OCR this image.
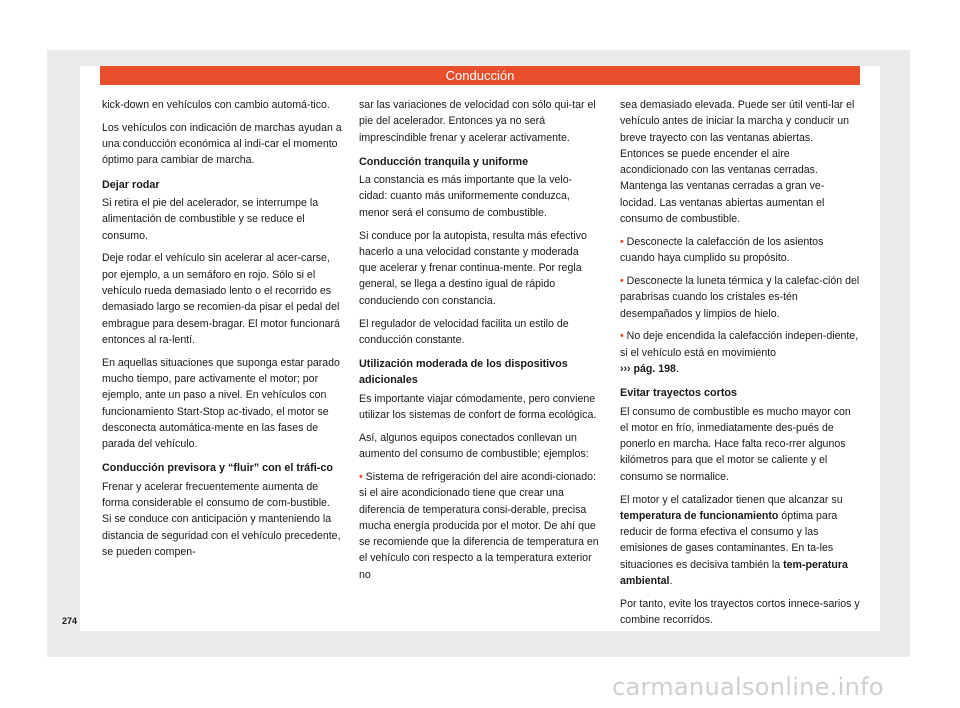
Conducción

kick-down en vehículos con cambio automá-tico.

Los vehículos con indicación de marchas ayudan a una conducción económica al indi-car el momento óptimo para cambiar de marcha.

Dejar rodar

Si retira el pie del acelerador, se interrumpe la alimentación de combustible y se reduce el consumo.

Deje rodar el vehículo sin acelerar al acer-carse, por ejemplo, a un semáforo en rojo. Sólo si el vehículo rueda demasiado lento o el recorrido es demasiado largo se recomien-da pisar el pedal del embrague para desem-bragar. El motor funcionará entonces al ra-lentí.

En aquellas situaciones que suponga estar parado mucho tiempo, pare activamente el motor; por ejemplo, ante un paso a nivel. En vehículos con funcionamiento Start-Stop ac-tivado, el motor se desconecta automática-mente en las fases de parada del vehículo.

Conducción previsora y “fluir” con el tráfi-co

Frenar y acelerar frecuentemente aumenta de forma considerable el consumo de com-bustible. Si se conduce con anticipación y manteniendo la distancia de seguridad con el vehículo precedente, se pueden compen-

sar las variaciones de velocidad con sólo qui-tar el pie del acelerador. Entonces ya no será imprescindible frenar y acelerar activamente.

Conducción tranquila y uniforme

La constancia es más importante que la velo-cidad: cuanto más uniformemente conduzca, menor será el consumo de combustible.

Si conduce por la autopista, resulta más efectivo hacerlo a una velocidad constante y moderada que acelerar y frenar continua-mente. Por regla general, se llega a destino igual de rápido conduciendo con constancia.

El regulador de velocidad facilita un estilo de conducción constante.

Utilización moderada de los dispositivos adicionales

Es importante viajar cómodamente, pero conviene utilizar los sistemas de confort de forma ecológica.

Así, algunos equipos conectados conllevan un aumento del consumo de combustible; ejemplos:

• Sistema de refrigeración del aire acondi-cionado: si el aire acondicionado tiene que crear una diferencia de temperatura consi-derable, precisa mucha energía producida por el motor. De ahí que se recomiende que la diferencia de temperatura en el vehículo con respecto a la temperatura exterior no

sea demasiado elevada. Puede ser útil venti-lar el vehículo antes de iniciar la marcha y conducir un breve trayecto con las ventanas abiertas. Entonces se puede encender el aire acondicionado con las ventanas cerradas. Mantenga las ventanas cerradas a gran ve-locidad. Las ventanas abiertas aumentan el consumo de combustible.

• Desconecte la calefacción de los asientos cuando haya cumplido su propósito.

• Desconecte la luneta térmica y la calefac-ción del parabrisas cuando los cristales es-tén desempañados y limpios de hielo.

• No deje encendida la calefacción indepen-diente, si el vehículo está en movimiento
››› pág. 198.

Evitar trayectos cortos

El consumo de combustible es mucho mayor con el motor en frío, inmediatamente des-pués de ponerlo en marcha. Hace falta reco-rrer algunos kilómetros para que el motor se caliente y el consumo se normalice.

El motor y el catalizador tienen que alcanzar su temperatura de funcionamiento óptima para reducir de forma efectiva el consumo y las emisiones de gases contaminantes. En ta-les situaciones es decisiva también la tem-peratura ambiental.

Por tanto, evite los trayectos cortos innece-sarios y combine recorridos.

274
carmanualsonline.info
